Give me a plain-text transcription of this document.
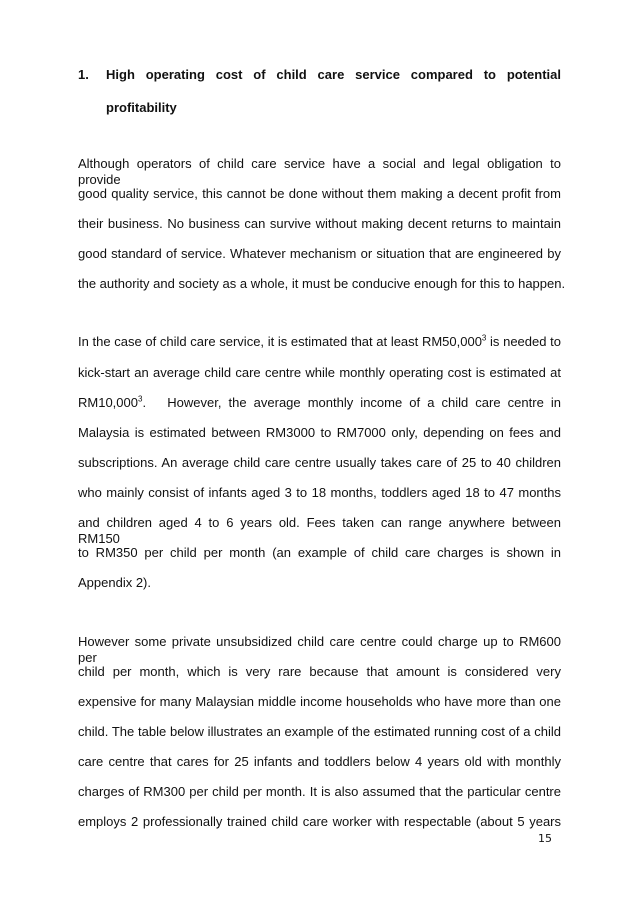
1. High operating cost of child care service compared to potential
profitability
Although operators of child care service have a social and legal obligation to provide
good quality service, this cannot be done without them making a decent profit from
their business. No business can survive without making decent returns to maintain
good standard of service. Whatever mechanism or situation that are engineered by
the authority and society as a whole, it must be conducive enough for this to happen.
In the case of child care service, it is estimated that at least RM50,000$^3$ is needed to
kick-start an average child care centre while monthly operating cost is estimated at
RM10,000$^3$.   However, the average monthly income of a child care centre in
Malaysia is estimated between RM3000 to RM7000 only, depending on fees and
subscriptions. An average child care centre usually takes care of 25 to 40 children
who mainly consist of infants aged 3 to 18 months, toddlers aged 18 to 47 months
and children aged 4 to 6 years old. Fees taken can range anywhere between RM150
to RM350 per child per month (an example of child care charges is shown in
Appendix 2).
However some private unsubsidized child care centre could charge up to RM600 per
child per month, which is very rare because that amount is considered very
expensive for many Malaysian middle income households who have more than one
child. The table below illustrates an example of the estimated running cost of a child
care centre that cares for 25 infants and toddlers below 4 years old with monthly
charges of RM300 per child per month. It is also assumed that the particular centre
employs 2 professionally trained child care worker with respectable (about 5 years
15
